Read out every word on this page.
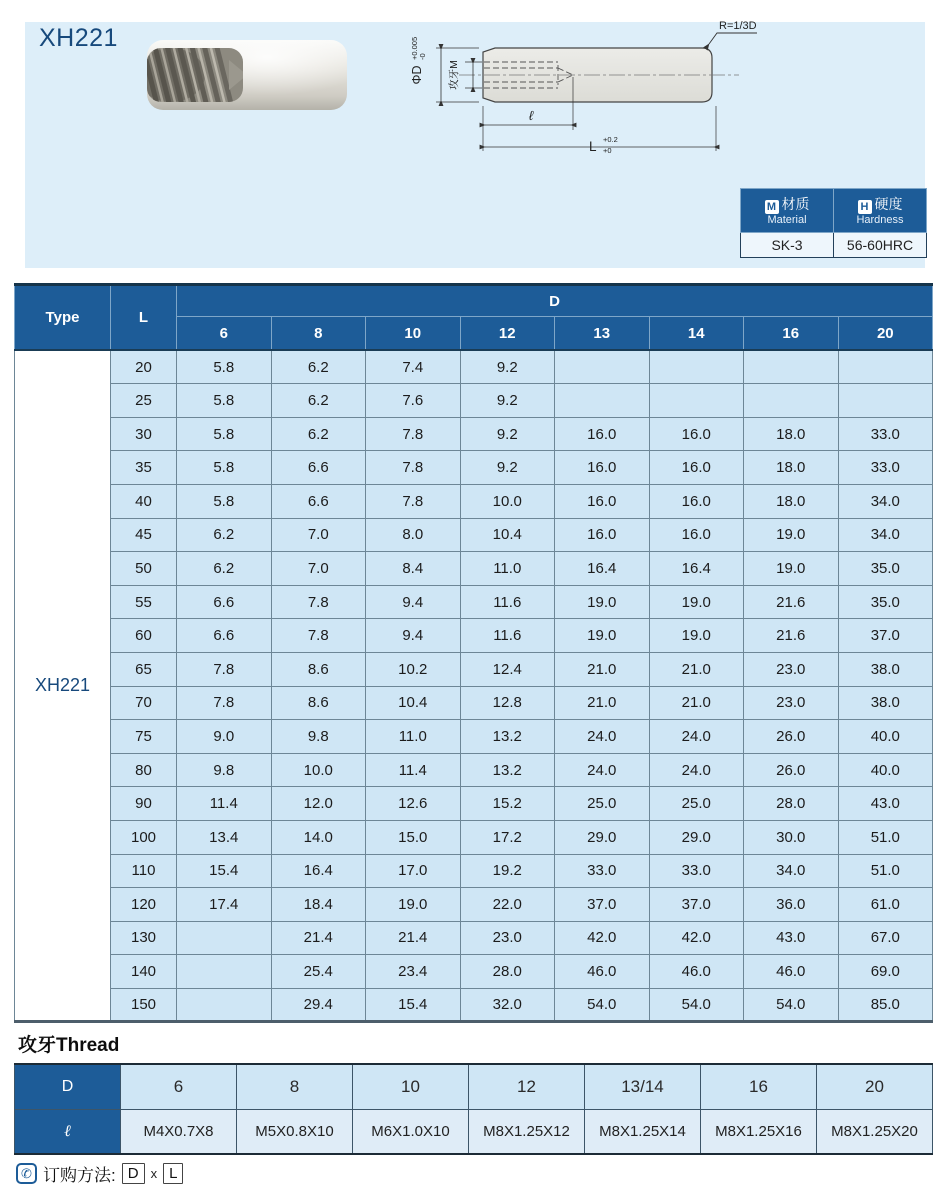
XH221	R=1/3D
ΦD
+0.005 -0
攻牙M
ℓ
L +0.2
+0
M 材质
Material

H 硬度
Hardness

SK-3	56-60HRC
Type	L	D							
		6	8	10	12	13	14	16	20
XH221	20	5.8	6.2	7.4	9.2				
	25	5.8	6.2	7.6	9.2				
	30	5.8	6.2	7.8	9.2	16.0	16.0	18.0	33.0
	35	5.8	6.6	7.8	9.2	16.0	16.0	18.0	33.0
	40	5.8	6.6	7.8	10.0	16.0	16.0	18.0	34.0
	45	6.2	7.0	8.0	10.4	16.0	16.0	19.0	34.0
	50	6.2	7.0	8.4	11.0	16.4	16.4	19.0	35.0
	55	6.6	7.8	9.4	11.6	19.0	19.0	21.6	35.0
	60	6.6	7.8	9.4	11.6	19.0	19.0	21.6	37.0
	65	7.8	8.6	10.2	12.4	21.0	21.0	23.0	38.0
	70	7.8	8.6	10.4	12.8	21.0	21.0	23.0	38.0
	75	9.0	9.8	11.0	13.2	24.0	24.0	26.0	40.0
	80	9.8	10.0	11.4	13.2	24.0	24.0	26.0	40.0
	90	11.4	12.0	12.6	15.2	25.0	25.0	28.0	43.0
	100	13.4	14.0	15.0	17.2	29.0	29.0	30.0	51.0
	110	15.4	16.4	17.0	19.2	33.0	33.0	34.0	51.0
	120	17.4	18.4	19.0	22.0	37.0	37.0	36.0	61.0
	130		21.4	21.4	23.0	42.0	42.0	43.0	67.0
	140		25.4	23.4	28.0	46.0	46.0	46.0	69.0
	150		29.4	15.4	32.0	54.0	54.0	54.0	85.0
攻牙Thread
D	6	8	10	12	13/14	16	20
ℓ	M4X0.7X8	M5X0.8X10	M6X1.0X10	M8X1.25X12	M8X1.25X14	M8X1.25X16	M8X1.25X20
✆ 订购方法: D x L
